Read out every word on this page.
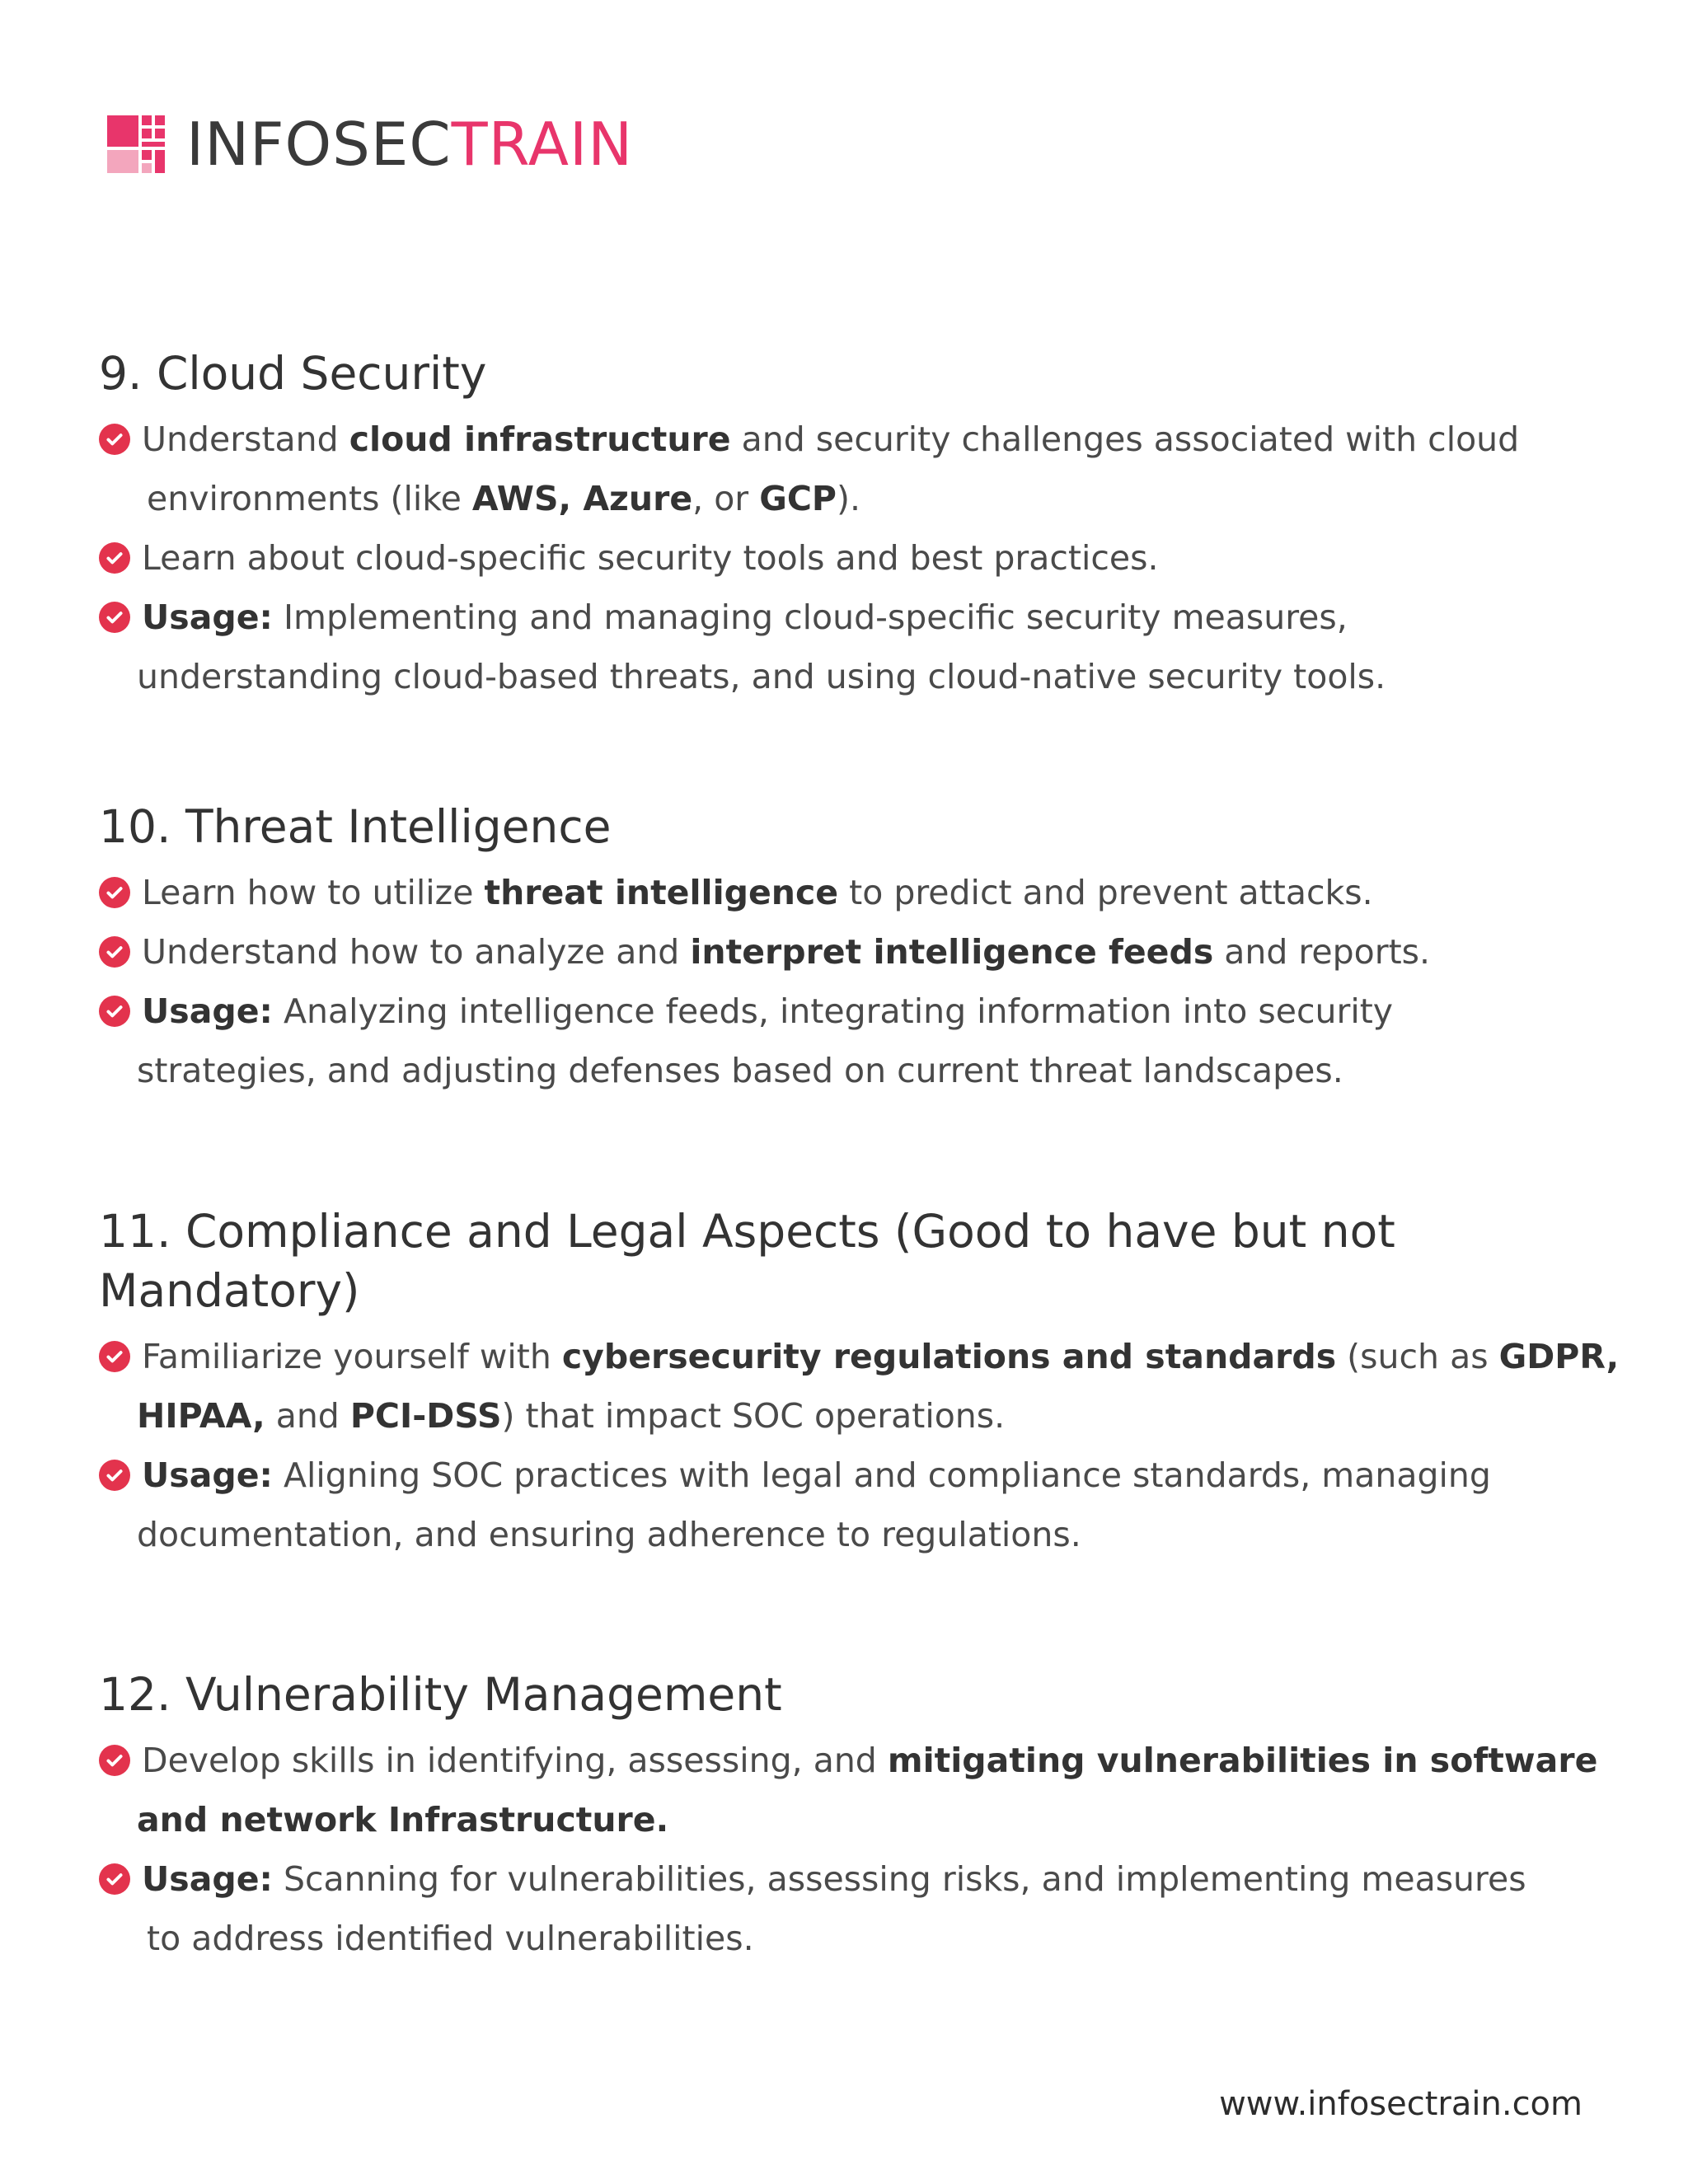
INFOSECTRAIN
9. Cloud Security
Understand cloud infrastructure and security challenges associated with cloud
environments (like AWS, Azure, or GCP).
Learn about cloud-specific security tools and best practices.
Usage: Implementing and managing cloud-specific security measures,
understanding cloud-based threats, and using cloud-native security tools.
10. Threat Intelligence
Learn how to utilize threat intelligence to predict and prevent attacks.
Understand how to analyze and interpret intelligence feeds and reports.
Usage: Analyzing intelligence feeds, integrating information into security
strategies, and adjusting defenses based on current threat landscapes.
11. Compliance and Legal Aspects (Good to have but not
Mandatory)
Familiarize yourself with cybersecurity regulations and standards (such as GDPR,
HIPAA, and PCI-DSS) that impact SOC operations.
Usage: Aligning SOC practices with legal and compliance standards, managing
documentation, and ensuring adherence to regulations.
12. Vulnerability Management
Develop skills in identifying, assessing, and mitigating vulnerabilities in software
and network Infrastructure.
Usage: Scanning for vulnerabilities, assessing risks, and implementing measures
to address identified vulnerabilities.
www.infosectrain.com
